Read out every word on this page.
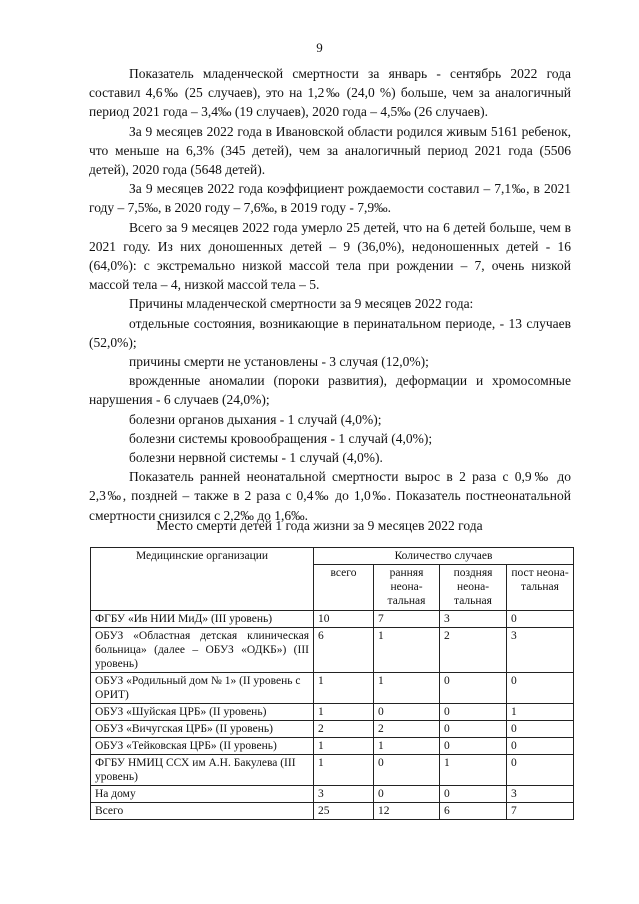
9

Показатель младенческой смертности за январь - сентябрь 2022 года составил 4,6‰ (25 случаев), это на 1,2‰ (24,0 %) больше, чем за аналогичный период 2021 года – 3,4‰ (19 случаев), 2020 года – 4,5‰ (26 случаев).

За 9 месяцев 2022 года в Ивановской области родился живым 5161 ребенок, что меньше на 6,3% (345 детей), чем за аналогичный период 2021 года (5506 детей), 2020 года (5648 детей).

За 9 месяцев 2022 года коэффициент рождаемости составил – 7,1‰, в 2021 году – 7,5‰, в 2020 году – 7,6‰, в 2019 году - 7,9‰.

Всего за 9 месяцев 2022 года умерло 25 детей, что на 6 детей больше, чем в 2021 году. Из них доношенных детей – 9 (36,0%), недоношенных детей - 16 (64,0%): с экстремально низкой массой тела при рождении – 7, очень низкой массой тела – 4, низкой массой тела – 5.

Причины младенческой смертности за 9 месяцев 2022 года:

отдельные состояния, возникающие в перинатальном периоде, - 13 случаев (52,0%);

причины смерти не установлены - 3 случая (12,0%);

врожденные аномалии (пороки развития), деформации и хромосомные нарушения - 6 случаев (24,0%);

болезни органов дыхания - 1 случай (4,0%);

болезни системы кровообращения - 1 случай (4,0%);

болезни нервной системы - 1 случай (4,0%).

Показатель ранней неонатальной смертности вырос в 2 раза с 0,9‰ до 2,3‰, поздней – также в 2 раза с 0,4‰ до 1,0‰. Показатель постнеонатальной смертности снизился с 2,2‰ до 1,6‰.

Место смерти детей 1 года жизни за 9 месяцев 2022 года
Медицинские организации	Количество случаев			
	всего	ранняя неона-тальная	поздняя неона-тальная	пост неона-тальная
ФГБУ «Ив НИИ МиД» (III уровень)	10	7	3	0
ОБУЗ «Областная детская клиническая больница» (далее – ОБУЗ «ОДКБ») (III уровень)	6	1	2	3
ОБУЗ «Родильный дом № 1» (II уровень с ОРИТ)	1	1	0	0
ОБУЗ «Шуйская ЦРБ» (II уровень)	1	0	0	1
ОБУЗ «Вичугская ЦРБ» (II уровень)	2	2	0	0
ОБУЗ «Тейковская ЦРБ» (II уровень)	1	1	0	0
ФГБУ НМИЦ ССХ им А.Н. Бакулева (III уровень)	1	0	1	0
На дому	3	0	0	3
Всего	25	12	6	7
